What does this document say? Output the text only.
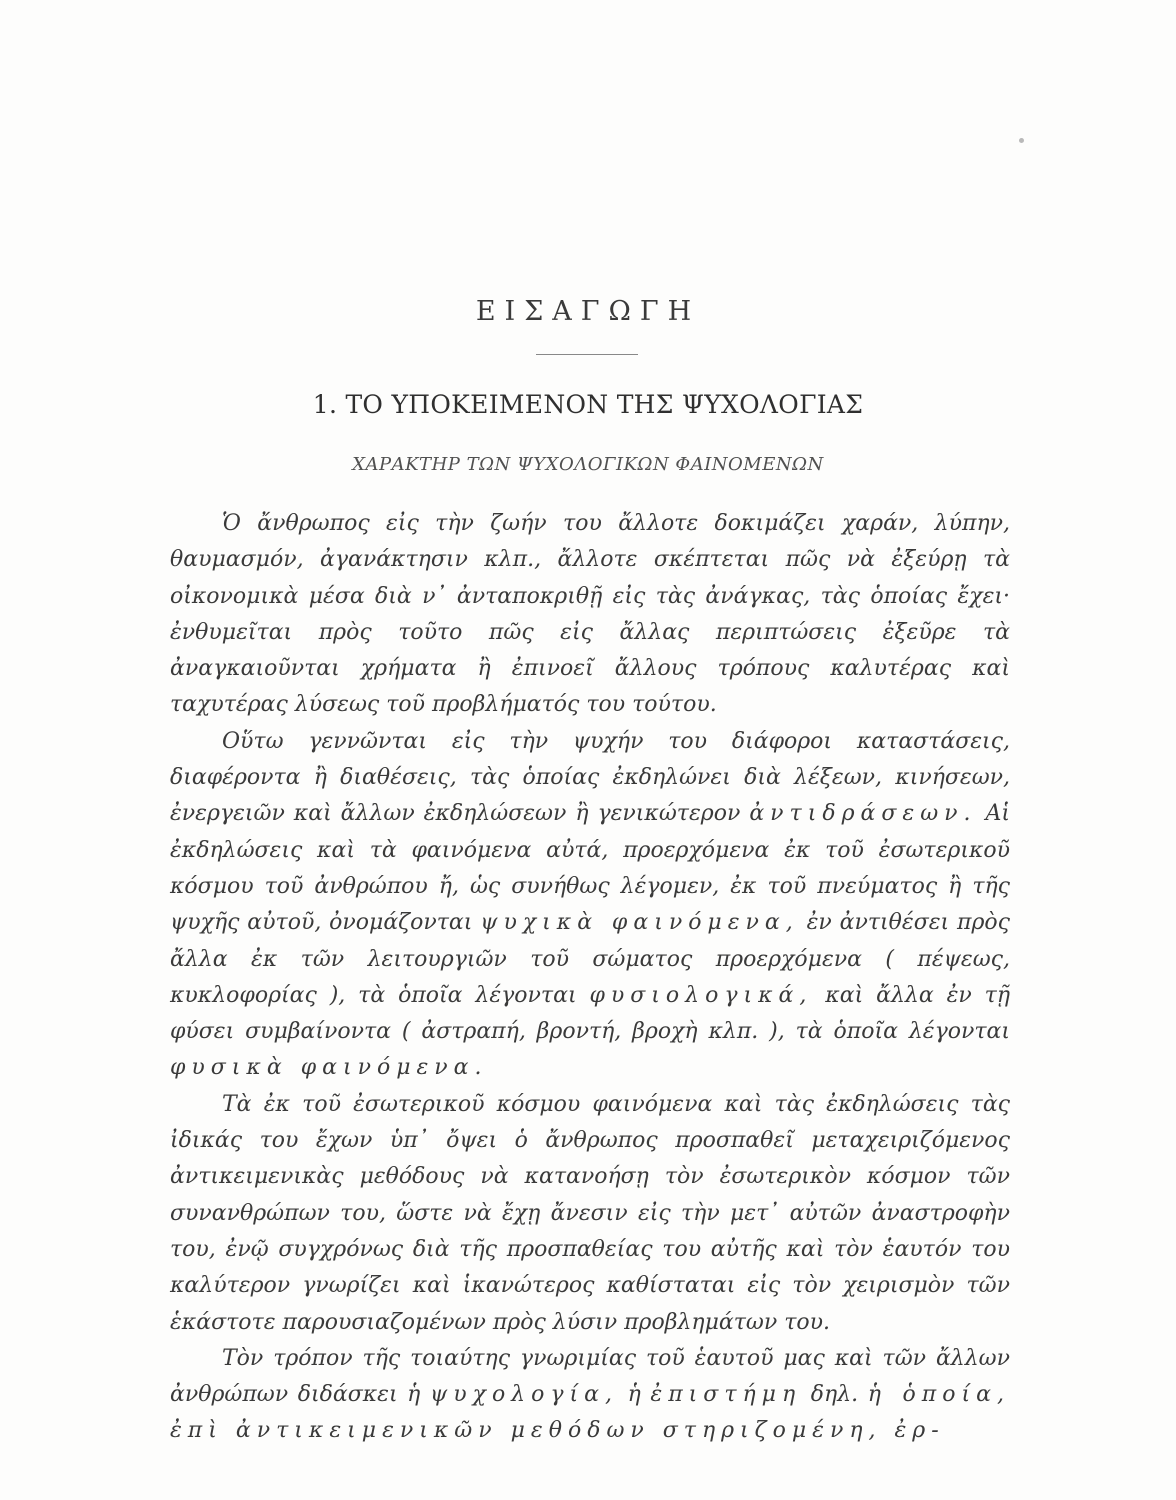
ΕΙΣΑΓΩΓΗ
1. ΤΟ ΥΠΟΚΕΙΜΕΝΟΝ ΤΗΣ ΨΥΧΟΛΟΓΙΑΣ
ΧΑΡΑΚΤΗΡ ΤΩΝ ΨΥΧΟΛΟΓΙΚΩΝ ΦΑΙΝΟΜΕΝΩΝ

Ὁ ἄνθρωπος εἰς τὴν ζωήν του ἄλλοτε δοκιμάζει χαράν, λύπην, θαυμασμόν, ἀγανάκτησιν κλπ., ἄλλοτε σκέπτεται πῶς νὰ ἐξεύρῃ τὰ οἰκονομικὰ μέσα διὰ ν᾽ ἀνταποκριθῇ εἰς τὰς ἀνάγκας, τὰς ὁποίας ἔχει· ἐνθυμεῖται πρὸς τοῦτο πῶς εἰς ἄλλας περιπτώσεις ἐξεῦρε τὰ ἀναγκαιοῦνται χρήματα ἢ ἐπινοεῖ ἄλλους τρόπους καλυτέρας καὶ ταχυτέρας λύσεως τοῦ προβλήματός του τούτου.

Οὕτω γεννῶνται εἰς τὴν ψυχήν του διάφοροι καταστάσεις, διαφέροντα ἢ διαθέσεις, τὰς ὁποίας ἐκδηλώνει διὰ λέξεων, κινήσεων, ἐνεργειῶν καὶ ἄλλων ἐκδηλώσεων ἢ γενικώτερον ἀντιδράσεων. Αἱ ἐκδηλώσεις καὶ τὰ φαινόμενα αὐτά, προερχόμενα ἐκ τοῦ ἐσωτερικοῦ κόσμου τοῦ ἀνθρώπου ἤ, ὡς συνήθως λέγομεν, ἐκ τοῦ πνεύματος ἢ τῆς ψυχῆς αὐτοῦ, ὀνομάζονται ψυχικὰ φαινόμενα, ἐν ἀντιθέσει πρὸς ἄλλα ἐκ τῶν λειτουργιῶν τοῦ σώματος προερχόμενα ( πέψεως, κυκλοφορίας ), τὰ ὁποῖα λέγονται φυσιολογικά, καὶ ἄλλα ἐν τῇ φύσει συμβαίνοντα ( ἀστραπή, βροντή, βροχὴ κλπ. ), τὰ ὁποῖα λέγονται φυσικὰ φαινόμενα.

Τὰ ἐκ τοῦ ἐσωτερικοῦ κόσμου φαινόμενα καὶ τὰς ἐκδηλώσεις τὰς ἰδικάς του ἔχων ὑπ᾽ ὄψει ὁ ἄνθρωπος προσπαθεῖ μεταχειριζόμενος ἀντικειμενικὰς μεθόδους νὰ κατανοήσῃ τὸν ἐσωτερικὸν κόσμον τῶν συνανθρώπων του, ὥστε νὰ ἔχῃ ἄνεσιν εἰς τὴν μετ᾽ αὐτῶν ἀναστροφὴν του, ἐνῷ συγχρόνως διὰ τῆς προσπαθείας του αὐτῆς καὶ τὸν ἑαυτόν του καλύτερον γνωρίζει καὶ ἱκανώτερος καθίσταται εἰς τὸν χειρισμὸν τῶν ἑκάστοτε παρουσιαζομένων πρὸς λύσιν προβλημάτων του.

Τὸν τρόπον τῆς τοιαύτης γνωριμίας τοῦ ἑαυτοῦ μας καὶ τῶν ἄλλων ἀνθρώπων διδάσκει ἡ ψυχολογία, ἡ ἐπιστήμη δηλ. ἡ ὁποία, ἐπὶ ἀντικειμενικῶν μεθόδων στηριζομένη, ἐρ-
